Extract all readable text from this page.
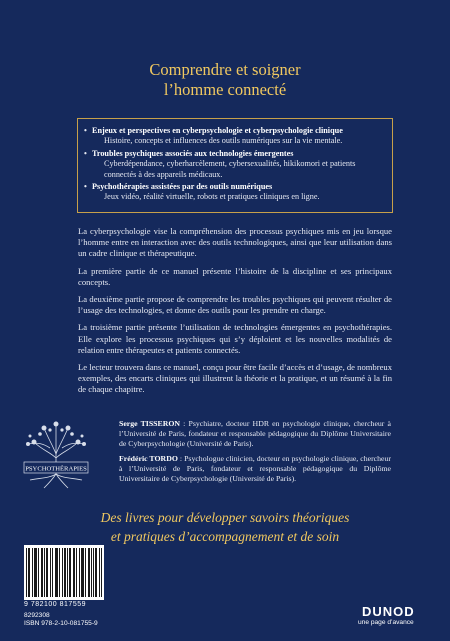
Comprendre et soigner
l’homme connecté
• Enjeux et perspectives en cyberpsychologie et cyberpsychologie clinique
Histoire, concepts et influences des outils numériques sur la vie mentale.
• Troubles psychiques associés aux technologies émergentes
Cyberdépendance, cyberharcèlement, cybersexualités, hikikomori et patients connectés à des appareils médicaux.
• Psychothérapies assistées par des outils numériques
Jeux vidéo, réalité virtuelle, robots et pratiques cliniques en ligne.

La cyberpsychologie vise la compréhension des processus psychiques mis en jeu lorsque l’homme entre en interaction avec des outils technologiques, ainsi que leur utilisation dans un cadre clinique et thérapeutique.

La première partie de ce manuel présente l’histoire de la discipline et ses principaux concepts.

La deuxième partie propose de comprendre les troubles psychiques qui peuvent résulter de l’usage des technologies, et donne des outils pour les prendre en charge.

La troisième partie présente l’utilisation de technologies émergentes en psychothérapies. Elle explore les processus psychiques qui s’y déploient et les nouvelles modalités de relation entre thérapeutes et patients connectés.

Le lecteur trouvera dans ce manuel, conçu pour être facile d’accès et d’usage, de nombreux exemples, des encarts cliniques qui illustrent la théorie et la pratique, et un résumé à la fin de chaque chapitre.

PSYCHOTHÉRAPIES

Serge TISSERON : Psychiatre, docteur HDR en psychologie clinique, chercheur à l’Université de Paris, fondateur et responsable pédagogique du Diplôme Universitaire de Cyberpsychologie (Université de Paris).

Frédéric TORDO : Psychologue clinicien, docteur en psychologie clinique, chercheur à l’Université de Paris, fondateur et responsable pédagogique du Diplôme Universitaire de Cyberpsychologie (Université de Paris).

Des livres pour développer savoirs théoriques
et pratiques d’accompagnement et de soin
9 782100 817559
8292308
ISBN 978-2-10-081755-9
DUNOD
une page d’avance
